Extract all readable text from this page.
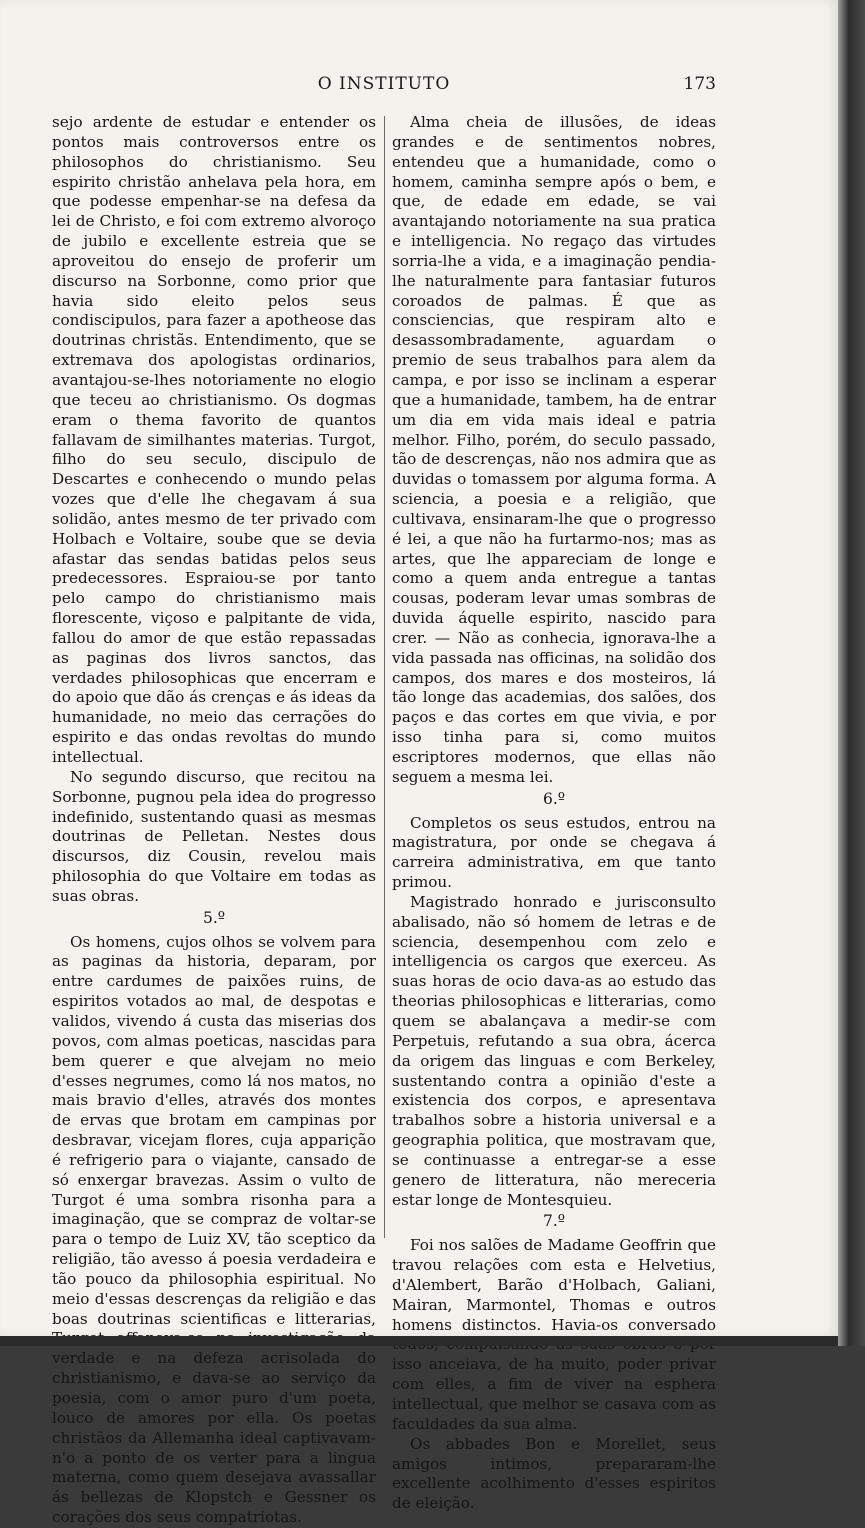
O INSTITUTO	173

sejo ardente de estudar e entender os pontos mais controversos entre os philosophos do christianismo. Seu espirito christão anhelava pela hora, em que podesse empenhar-se na defesa da lei de Christo, e foi com extremo alvoroço de jubilo e excellente estreia que se aproveitou do ensejo de proferir um discurso na Sorbonne, como prior que havia sido eleito pelos seus condiscipulos, para fazer a apotheose das doutrinas christãs. Entendimento, que se extremava dos apologistas ordinarios, avantajou-se-lhes notoriamente no elogio que teceu ao christianismo. Os dogmas eram o thema favorito de quantos fallavam de similhantes materias. Turgot, filho do seu seculo, discipulo de Descartes e conhecendo o mundo pelas vozes que d'elle lhe chegavam á sua solidão, antes mesmo de ter privado com Holbach e Voltaire, soube que se devia afastar das sendas batidas pelos seus predecessores. Espraiou-se por tanto pelo campo do christianismo mais florescente, viçoso e palpitante de vida, fallou do amor de que estão repassadas as paginas dos livros sanctos, das verdades philosophicas que encerram e do apoio que dão ás crenças e ás ideas da humanidade, no meio das cerrações do espirito e das ondas revoltas do mundo intellectual.

No segundo discurso, que recitou na Sorbonne, pugnou pela idea do progresso indefinido, sustentando quasi as mesmas doutrinas de Pelletan. Nestes dous discursos, diz Cousin, revelou mais philosophia do que Voltaire em todas as suas obras.

5.º

Os homens, cujos olhos se volvem para as paginas da historia, deparam, por entre cardumes de paixões ruins, de espiritos votados ao mal, de despotas e validos, vivendo á custa das miserias dos povos, com almas poeticas, nascidas para bem querer e que alvejam no meio d'esses negrumes, como lá nos matos, no mais bravio d'elles, através dos montes de ervas que brotam em campinas por desbravar, vicejam flores, cuja apparição é refrigerio para o viajante, cansado de só enxergar bravezas. Assim o vulto de Turgot é uma sombra risonha para a imaginação, que se compraz de voltar-se para o tempo de Luiz XV, tão sceptico da religião, tão avesso á poesia verdadeira e tão pouco da philosophia espiritual. No meio d'essas descrenças da religião e das boas doutrinas scientificas e litterarias, verdade e na defeza acrisolada do christianismo, e dava-se ao serviço da poesia, com o amor puro d'um poeta, louco de amores por ella. Os poetas christãos da Allemanha ideal captivavam-n'o a ponto de os verter para a lingua materna, como quem desejava avassallar ás bellezas de Klopstch e Gessner os corações dos seus compatriotas.

Alma cheia de illusões, de ideas grandes e de sentimentos nobres, entendeu que a humanidade, como o homem, caminha sempre após o bem, e que, de edade em edade, se vai avantajando notoriamente na sua pratica e intelligencia. No regaço das virtudes sorria-lhe a vida, e a imaginação pendia-lhe naturalmente para fantasiar futuros coroados de palmas. É que as consciencias, que respiram alto e desassombradamente, aguardam o premio de seus trabalhos para alem da campa, e por isso se inclinam a esperar que a humanidade, tambem, ha de entrar um dia em vida mais ideal e patria melhor. Filho, porém, do seculo passado, tão de descrenças, não nos admira que as duvidas o tomassem por alguma forma. A sciencia, a poesia e a religião, que cultivava, ensinaram-lhe que o progresso é lei, a que não ha furtarmo-nos; mas as artes, que lhe appareciam de longe e como a quem anda entregue a tantas cousas, poderam levar umas sombras de duvida áquelle espirito, nascido para crer. — Não as conhecia, ignorava-lhe a vida passada nas officinas, na solidão dos campos, dos mares e dos mosteiros, lá tão longe das academias, dos salões, dos paços e das cortes em que vivia, e por isso tinha para si, como muitos escriptores modernos, que ellas não seguem a mesma lei.

6.º

Completos os seus estudos, entrou na magistratura, por onde se chegava á carreira administrativa, em que tanto primou.

Magistrado honrado e jurisconsulto abalisado, não só homem de letras e de sciencia, desempenhou com zelo e intelligencia os cargos que exerceu. As suas horas de ocio dava-as ao estudo das theorias philosophicas e litterarias, como quem se abalançava a medir-se com Perpetuis, refutando a sua obra, ácerca da origem das linguas e com Berkeley, sustentando contra a opinião d'este a existencia dos corpos, e apresentava trabalhos sobre a historia universal e a geographia politica, que mostravam que, se continuasse a entregar-se a esse genero de litteratura, não mereceria estar longe de Montesquieu.

7.º

Foi nos salões de Madame Geoffrin que travou relações com esta e Helvetius, d'Alembert, Barão d'Holbach, Galiani, Mairan, Marmontel, Thomas e outros homens distinctos. Havia-os conversado isso anceiava, de ha muito, poder privar com elles, a fim de viver na esphera intellectual, que melhor se casava com as faculdades da sua alma.

Os abbades Bon e Morellet, seus amigos intimos, prepararam-lhe excellente acolhimento d'esses espiritos de eleição.
